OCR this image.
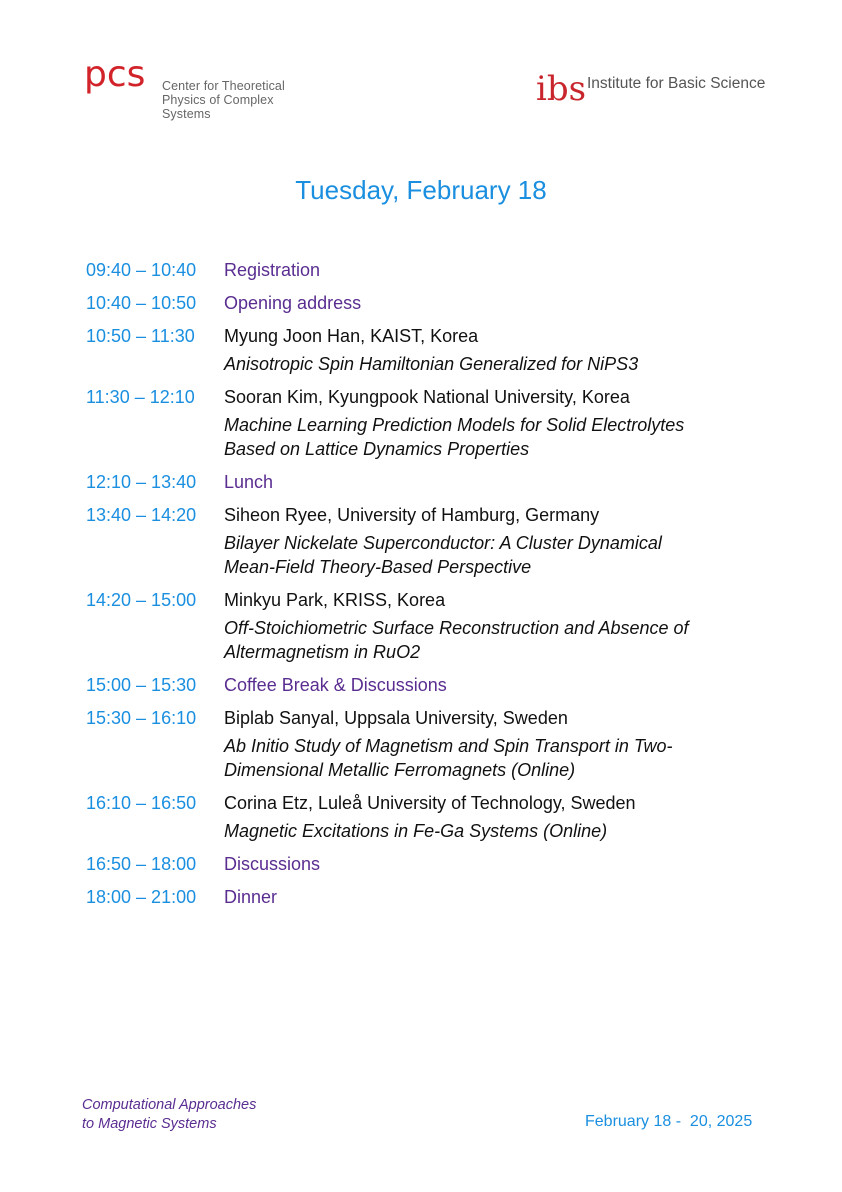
pcs Center for Theoretical
Physics of Complex Systems
ibs Institute for Basic Science
Tuesday, February 18
09:40 – 10:40	Registration
10:40 – 10:50	Opening address
10:50 – 11:30	Myung Joon Han, KAIST, Korea
Anisotropic Spin Hamiltonian Generalized for NiPS3
11:30 – 12:10	Sooran Kim, Kyungpook National University, Korea
Machine Learning Prediction Models for Solid Electrolytes
Based on Lattice Dynamics Properties
12:10 – 13:40	Lunch
13:40 – 14:20	Siheon Ryee, University of Hamburg, Germany
Bilayer Nickelate Superconductor: A Cluster Dynamical
Mean-Field Theory-Based Perspective
14:20 – 15:00	Minkyu Park, KRISS, Korea
Off-Stoichiometric Surface Reconstruction and Absence of
Altermagnetism in RuO2
15:00 – 15:30	Coffee Break & Discussions
15:30 – 16:10	Biplab Sanyal, Uppsala University, Sweden
Ab Initio Study of Magnetism and Spin Transport in Two-
Dimensional Metallic Ferromagnets (Online)
16:10 – 16:50	Corina Etz, Luleå University of Technology, Sweden
Magnetic Excitations in Fe-Ga Systems (Online)
16:50 – 18:00	Discussions
18:00 – 21:00	Dinner
Computational Approaches
to Magnetic Systems	February 18 -  20, 2025
